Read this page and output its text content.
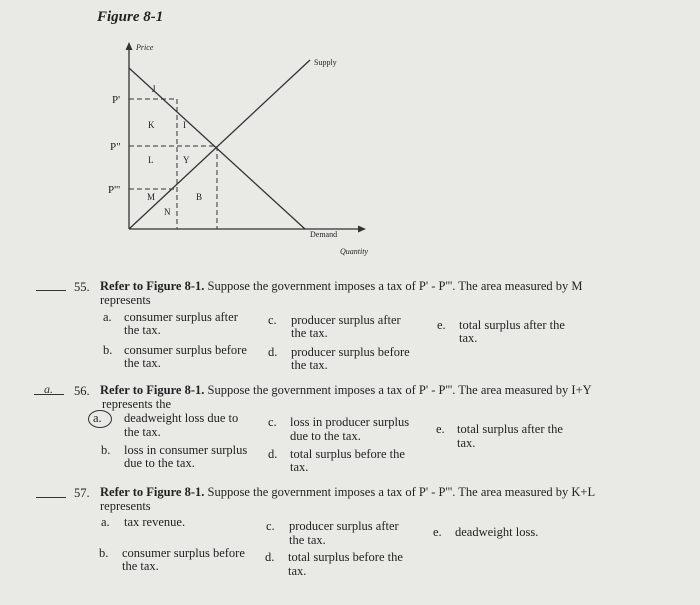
Figure 8-1
Price
Quantity
Supply
Demand
P'
P"
P'''
J
K	I
L	Y
M	B
N
55. Refer to Figure 8-1. Suppose the government imposes a tax of P' - P'''. The area measured by M
represents
a. consumer surplus after
the tax.
b. consumer surplus before
the tax.
c. producer surplus after
the tax.
d. producer surplus before
the tax.
e. total surplus after the
tax.
a. 56. Refer to Figure 8-1. Suppose the government imposes a tax of P' - P'''. The area measured by I+Y
represents the
a. deadweight loss due to
the tax.
b. loss in consumer surplus
due to the tax.
c. loss in producer surplus
due to the tax.
d. total surplus before the
tax.
e. total surplus after the
tax.
57. Refer to Figure 8-1. Suppose the government imposes a tax of P' - P'''. The area measured by K+L
represents
a. tax revenue.
b. consumer surplus before
the tax.
c. producer surplus after
the tax.
d. total surplus before the
tax.
e. deadweight loss.
